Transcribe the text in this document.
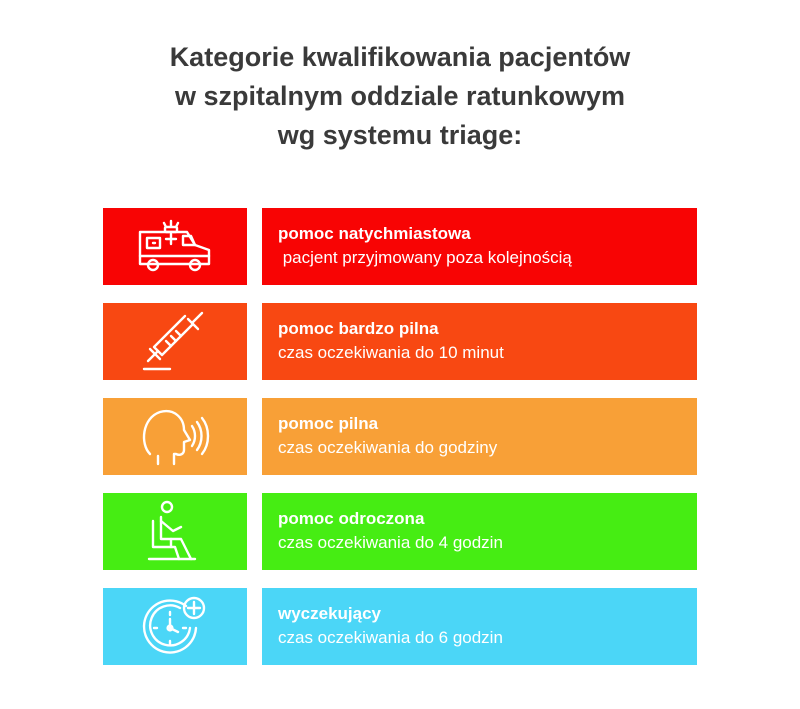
Kategorie kwalifikowania pacjentów
w szpitalnym oddziale ratunkowym
wg systemu triage:
pomoc natychmiastowa
pacjent przyjmowany poza kolejnością
pomoc bardzo pilna
czas oczekiwania do 10 minut
pomoc pilna
czas oczekiwania do godziny
pomoc odroczona
czas oczekiwania do 4 godzin
wyczekujący
czas oczekiwania do 6 godzin
